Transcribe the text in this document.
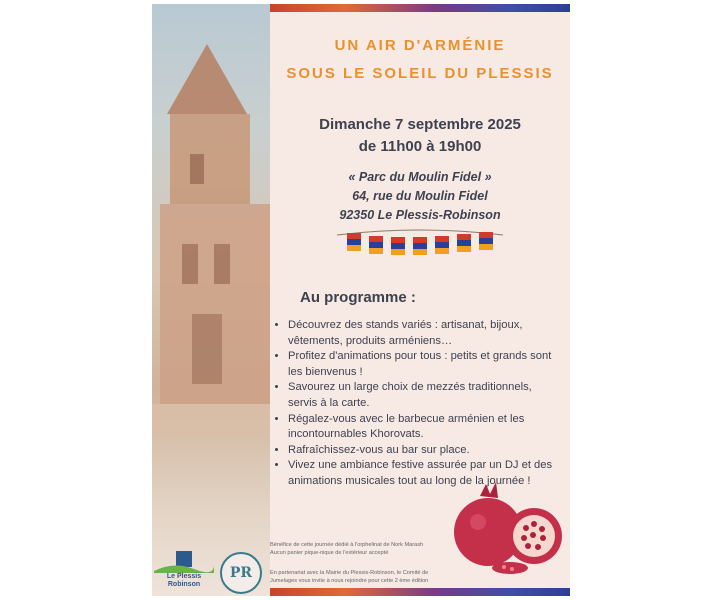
UN AIR D'ARMÉNIE
SOUS LE SOLEIL DU PLESSIS
Dimanche 7 septembre 2025
de 11h00 à 19h00
« Parc du Moulin Fidel »
64, rue du Moulin Fidel
92350 Le Plessis-Robinson
Au programme :
• Découvrez des stands variés : artisanat, bijoux, vêtements, produits arméniens…
• Profitez d'animations pour tous : petits et grands sont les bienvenus !
• Savourez un large choix de mezzés traditionnels, servis à la carte.
• Régalez-vous avec le barbecue arménien et les incontournables Khorovats.
• Rafraîchissez-vous au bar sur place.
• Vivez une ambiance festive assurée par un DJ et des animations musicales tout au long de la journée !
Bénéfice de cette journée dédié à l'orphelinat de Nork Marash
Aucun panier pique-nique de l'extérieur accepté
En partenariat avec la Mairie du Plessis-Robinson, le Comité de
Jumelages vous invite à nous rejoindre pour cette 2 ème édition
Le Plessis
Robinson
PR
